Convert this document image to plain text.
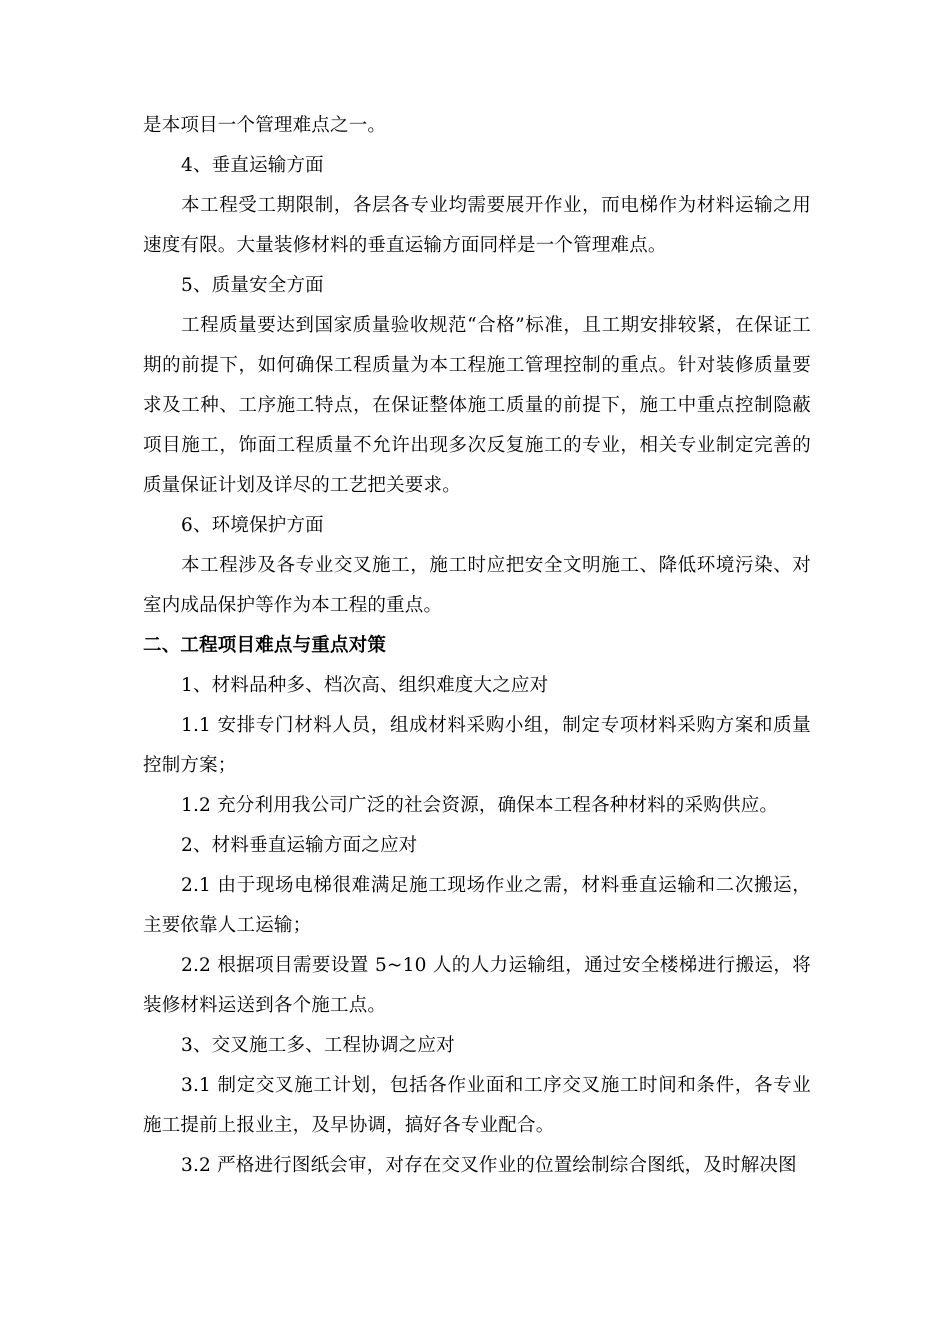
是本项目一个管理难点之一。

4、垂直运输方面

本工程受工期限制，各层各专业均需要展开作业，而电梯作为材料运输之用速度有限。大量装修材料的垂直运输方面同样是一个管理难点。

5、质量安全方面

工程质量要达到国家质量验收规范“合格”标准，且工期安排较紧，在保证工期的前提下，如何确保工程质量为本工程施工管理控制的重点。针对装修质量要求及工种、工序施工特点，在保证整体施工质量的前提下，施工中重点控制隐蔽项目施工，饰面工程质量不允许出现多次反复施工的专业，相关专业制定完善的质量保证计划及详尽的工艺把关要求。

6、环境保护方面

本工程涉及各专业交叉施工，施工时应把安全文明施工、降低环境污染、对室内成品保护等作为本工程的重点。

二、工程项目难点与重点对策

1、材料品种多、档次高、组织难度大之应对

1.1 安排专门材料人员，组成材料采购小组，制定专项材料采购方案和质量控制方案；

1.2 充分利用我公司广泛的社会资源，确保本工程各种材料的采购供应。

2、材料垂直运输方面之应对

2.1 由于现场电梯很难满足施工现场作业之需，材料垂直运输和二次搬运，主要依靠人工运输；

2.2 根据项目需要设置 5~10 人的人力运输组，通过安全楼梯进行搬运，将装修材料运送到各个施工点。

3、交叉施工多、工程协调之应对

3.1 制定交叉施工计划，包括各作业面和工序交叉施工时间和条件，各专业施工提前上报业主，及早协调，搞好各专业配合。

3.2 严格进行图纸会审，对存在交叉作业的位置绘制综合图纸，及时解决图
